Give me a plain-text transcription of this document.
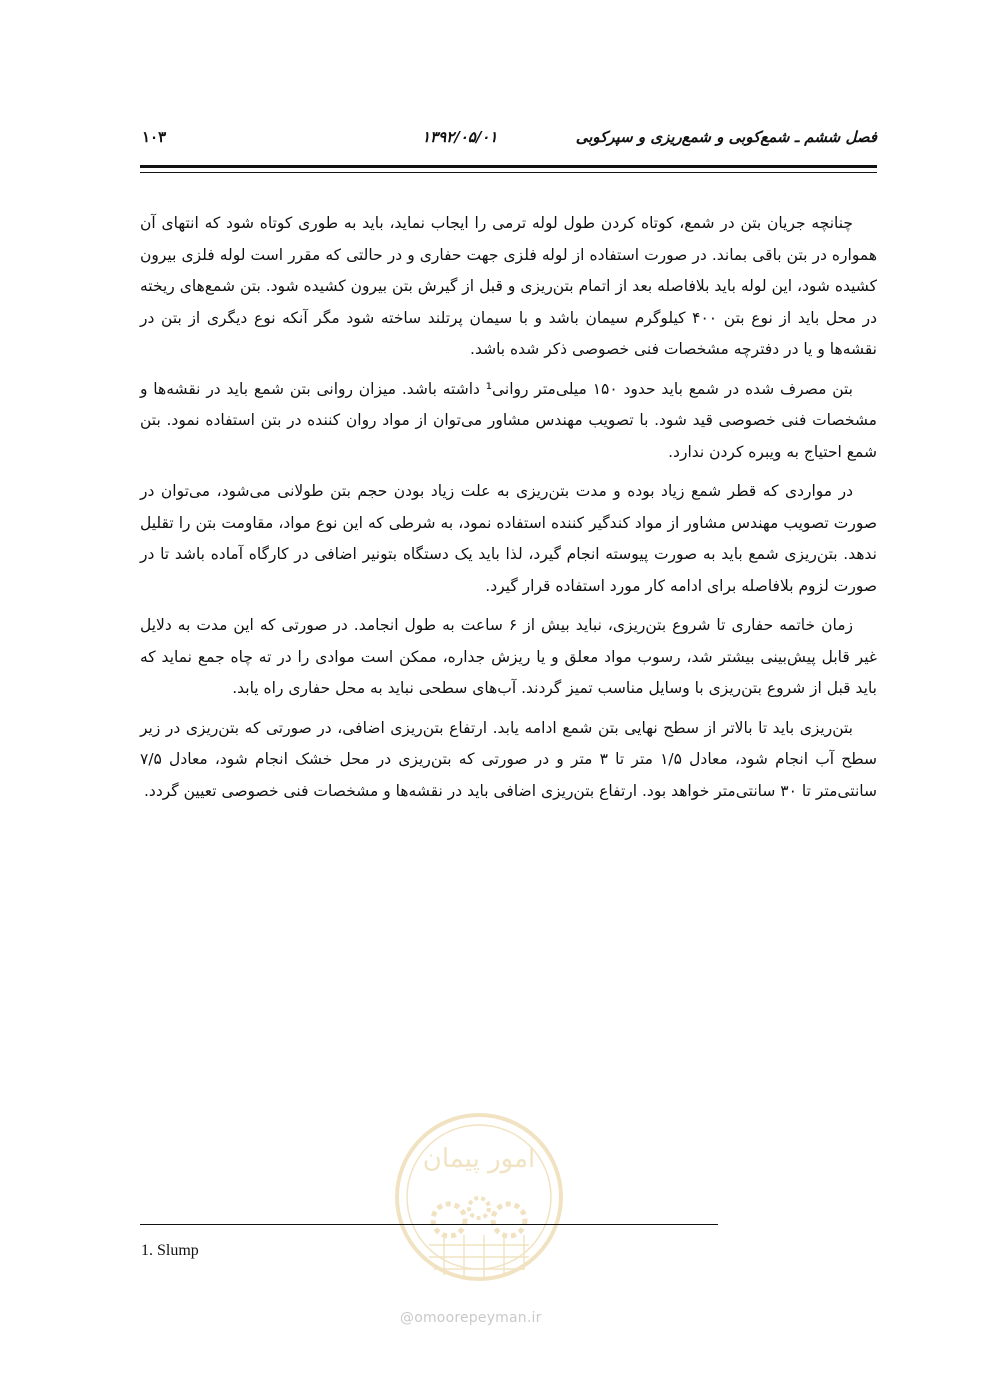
فصل ششم ـ شمع‌کوبی و شمع‌ریزی و سپرکوبی
۱۳۹۲/۰۵/۰۱
۱۰۳

چنانچه جریان بتن در شمع، کوتاه کردن طول لوله ترمی را ایجاب نماید، باید به طوری کوتاه شود که انتهای آن همواره در بتن باقی بماند. در صورت استفاده از لوله فلزی جهت حفاری و در حالتی که مقرر است لوله فلزی بیرون کشیده شود، این لوله باید بلافاصله بعد از اتمام بتن‌ریزی و قبل از گیرش بتن بیرون کشیده شود. بتن شمع‌های ریخته در محل باید از نوع بتن ۴۰۰ کیلوگرم سیمان باشد و با سیمان پرتلند ساخته شود مگر آنکه نوع دیگری از بتن در نقشه‌ها و یا در دفترچه مشخصات فنی خصوصی ذکر شده باشد.

بتن مصرف شده در شمع باید حدود ۱۵۰ میلی‌متر روانی¹ داشته باشد. میزان روانی بتن شمع باید در نقشه‌ها و مشخصات فنی خصوصی قید شود. با تصویب مهندس مشاور می‌توان از مواد روان کننده در بتن استفاده نمود. بتن شمع احتیاج به ویبره کردن ندارد.

در مواردی که قطر شمع زیاد بوده و مدت بتن‌ریزی به علت زیاد بودن حجم بتن طولانی می‌شود، می‌توان در صورت تصویب مهندس مشاور از مواد کندگیر کننده استفاده نمود، به شرطی که این نوع مواد، مقاومت بتن را تقلیل ندهد. بتن‌ریزی شمع باید به صورت پیوسته انجام گیرد، لذا باید یک دستگاه بتونیر اضافی در کارگاه آماده باشد تا در صورت لزوم بلافاصله برای ادامه کار مورد استفاده قرار گیرد.

زمان خاتمه حفاری تا شروع بتن‌ریزی، نباید بیش از ۶ ساعت به طول انجامد. در صورتی که این مدت به دلایل غیر قابل پیش‌بینی بیشتر شد، رسوب مواد معلق و یا ریزش جداره، ممکن است موادی را در ته چاه جمع نماید که باید قبل از شروع بتن‌ریزی با وسایل مناسب تمیز گردند. آب‌های سطحی نباید به محل حفاری راه یابد.

بتن‌ریزی باید تا بالاتر از سطح نهایی بتن شمع ادامه یابد. ارتفاع بتن‌ریزی اضافی، در صورتی که بتن‌ریزی در زیر سطح آب انجام شود، معادل ۱/۵ متر تا ۳ متر و در صورتی که بتن‌ریزی در محل خشک انجام شود، معادل ۷/۵ سانتی‌متر تا ۳۰ سانتی‌متر خواهد بود. ارتفاع بتن‌ریزی اضافی باید در نقشه‌ها و مشخصات فنی خصوصی تعیین گردد.

امور پیمان
@omoorepeyman.ir
1. Slump
